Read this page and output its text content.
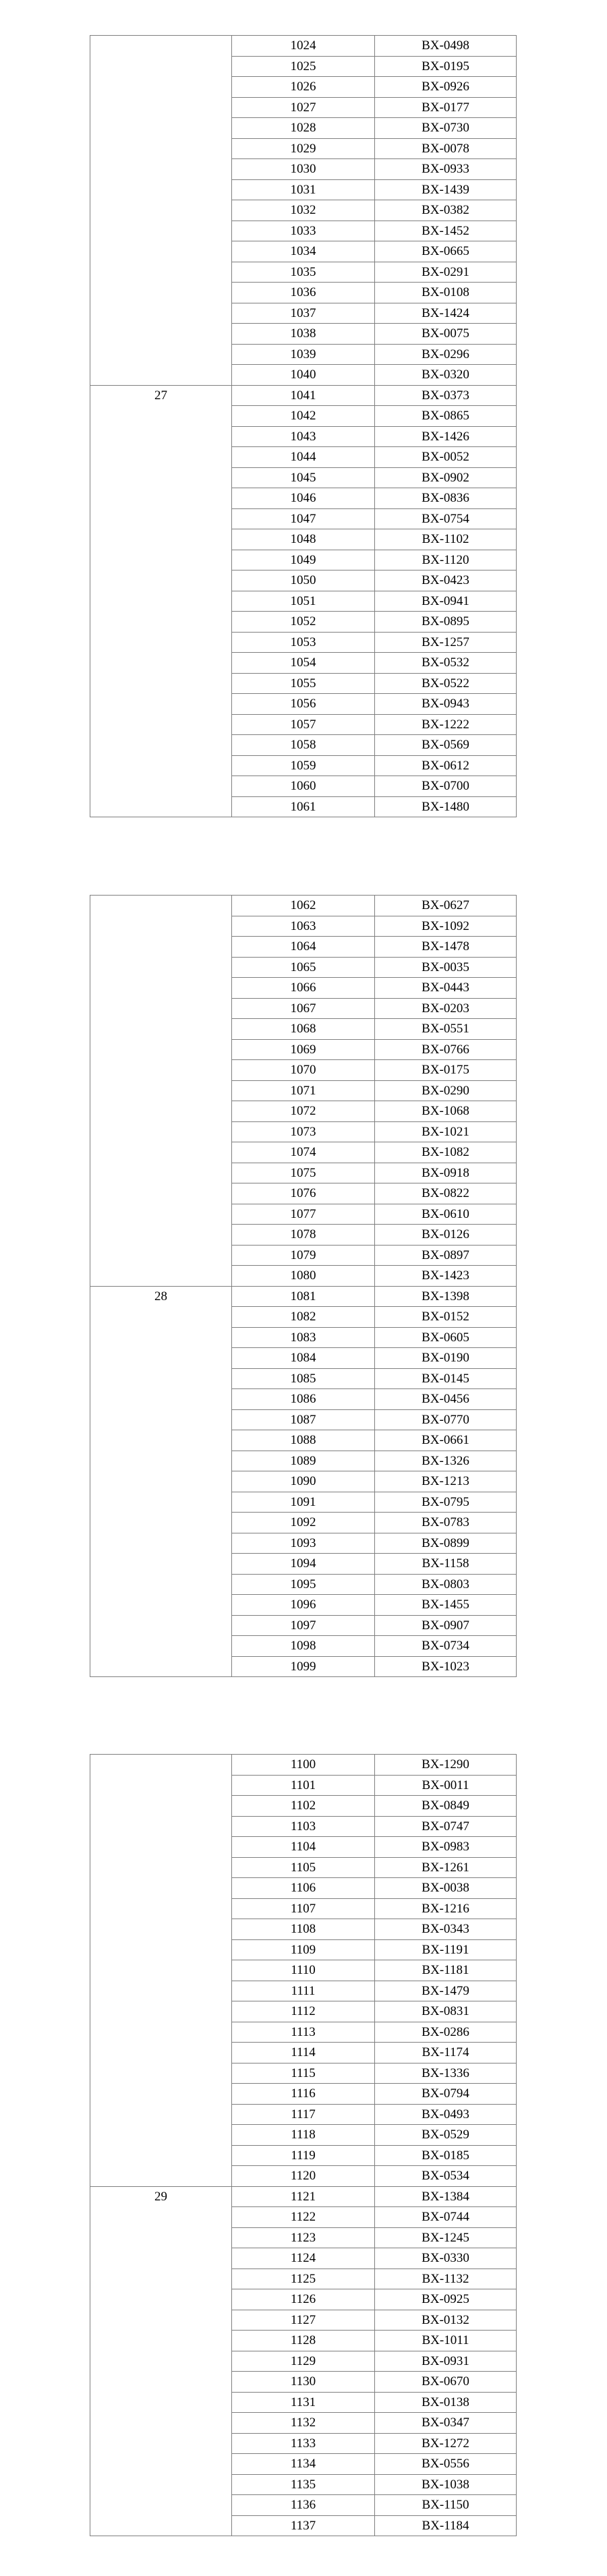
	1024	BX-0498
	1025	BX-0195
	1026	BX-0926
	1027	BX-0177
	1028	BX-0730
	1029	BX-0078
	1030	BX-0933
	1031	BX-1439
	1032	BX-0382
	1033	BX-1452
	1034	BX-0665
	1035	BX-0291
	1036	BX-0108
	1037	BX-1424
	1038	BX-0075
	1039	BX-0296
	1040	BX-0320
27	1041	BX-0373
	1042	BX-0865
	1043	BX-1426
	1044	BX-0052
	1045	BX-0902
	1046	BX-0836
	1047	BX-0754
	1048	BX-1102
	1049	BX-1120
	1050	BX-0423
	1051	BX-0941
	1052	BX-0895
	1053	BX-1257
	1054	BX-0532
	1055	BX-0522
	1056	BX-0943
	1057	BX-1222
	1058	BX-0569
	1059	BX-0612
	1060	BX-0700
	1061	BX-1480
	1062	BX-0627
	1063	BX-1092
	1064	BX-1478
	1065	BX-0035
	1066	BX-0443
	1067	BX-0203
	1068	BX-0551
	1069	BX-0766
	1070	BX-0175
	1071	BX-0290
	1072	BX-1068
	1073	BX-1021
	1074	BX-1082
	1075	BX-0918
	1076	BX-0822
	1077	BX-0610
	1078	BX-0126
	1079	BX-0897
	1080	BX-1423
28	1081	BX-1398
	1082	BX-0152
	1083	BX-0605
	1084	BX-0190
	1085	BX-0145
	1086	BX-0456
	1087	BX-0770
	1088	BX-0661
	1089	BX-1326
	1090	BX-1213
	1091	BX-0795
	1092	BX-0783
	1093	BX-0899
	1094	BX-1158
	1095	BX-0803
	1096	BX-1455
	1097	BX-0907
	1098	BX-0734
	1099	BX-1023
	1100	BX-1290
	1101	BX-0011
	1102	BX-0849
	1103	BX-0747
	1104	BX-0983
	1105	BX-1261
	1106	BX-0038
	1107	BX-1216
	1108	BX-0343
	1109	BX-1191
	1110	BX-1181
	1111	BX-1479
	1112	BX-0831
	1113	BX-0286
	1114	BX-1174
	1115	BX-1336
	1116	BX-0794
	1117	BX-0493
	1118	BX-0529
	1119	BX-0185
	1120	BX-0534
29	1121	BX-1384
	1122	BX-0744
	1123	BX-1245
	1124	BX-0330
	1125	BX-1132
	1126	BX-0925
	1127	BX-0132
	1128	BX-1011
	1129	BX-0931
	1130	BX-0670
	1131	BX-0138
	1132	BX-0347
	1133	BX-1272
	1134	BX-0556
	1135	BX-1038
	1136	BX-1150
	1137	BX-1184
